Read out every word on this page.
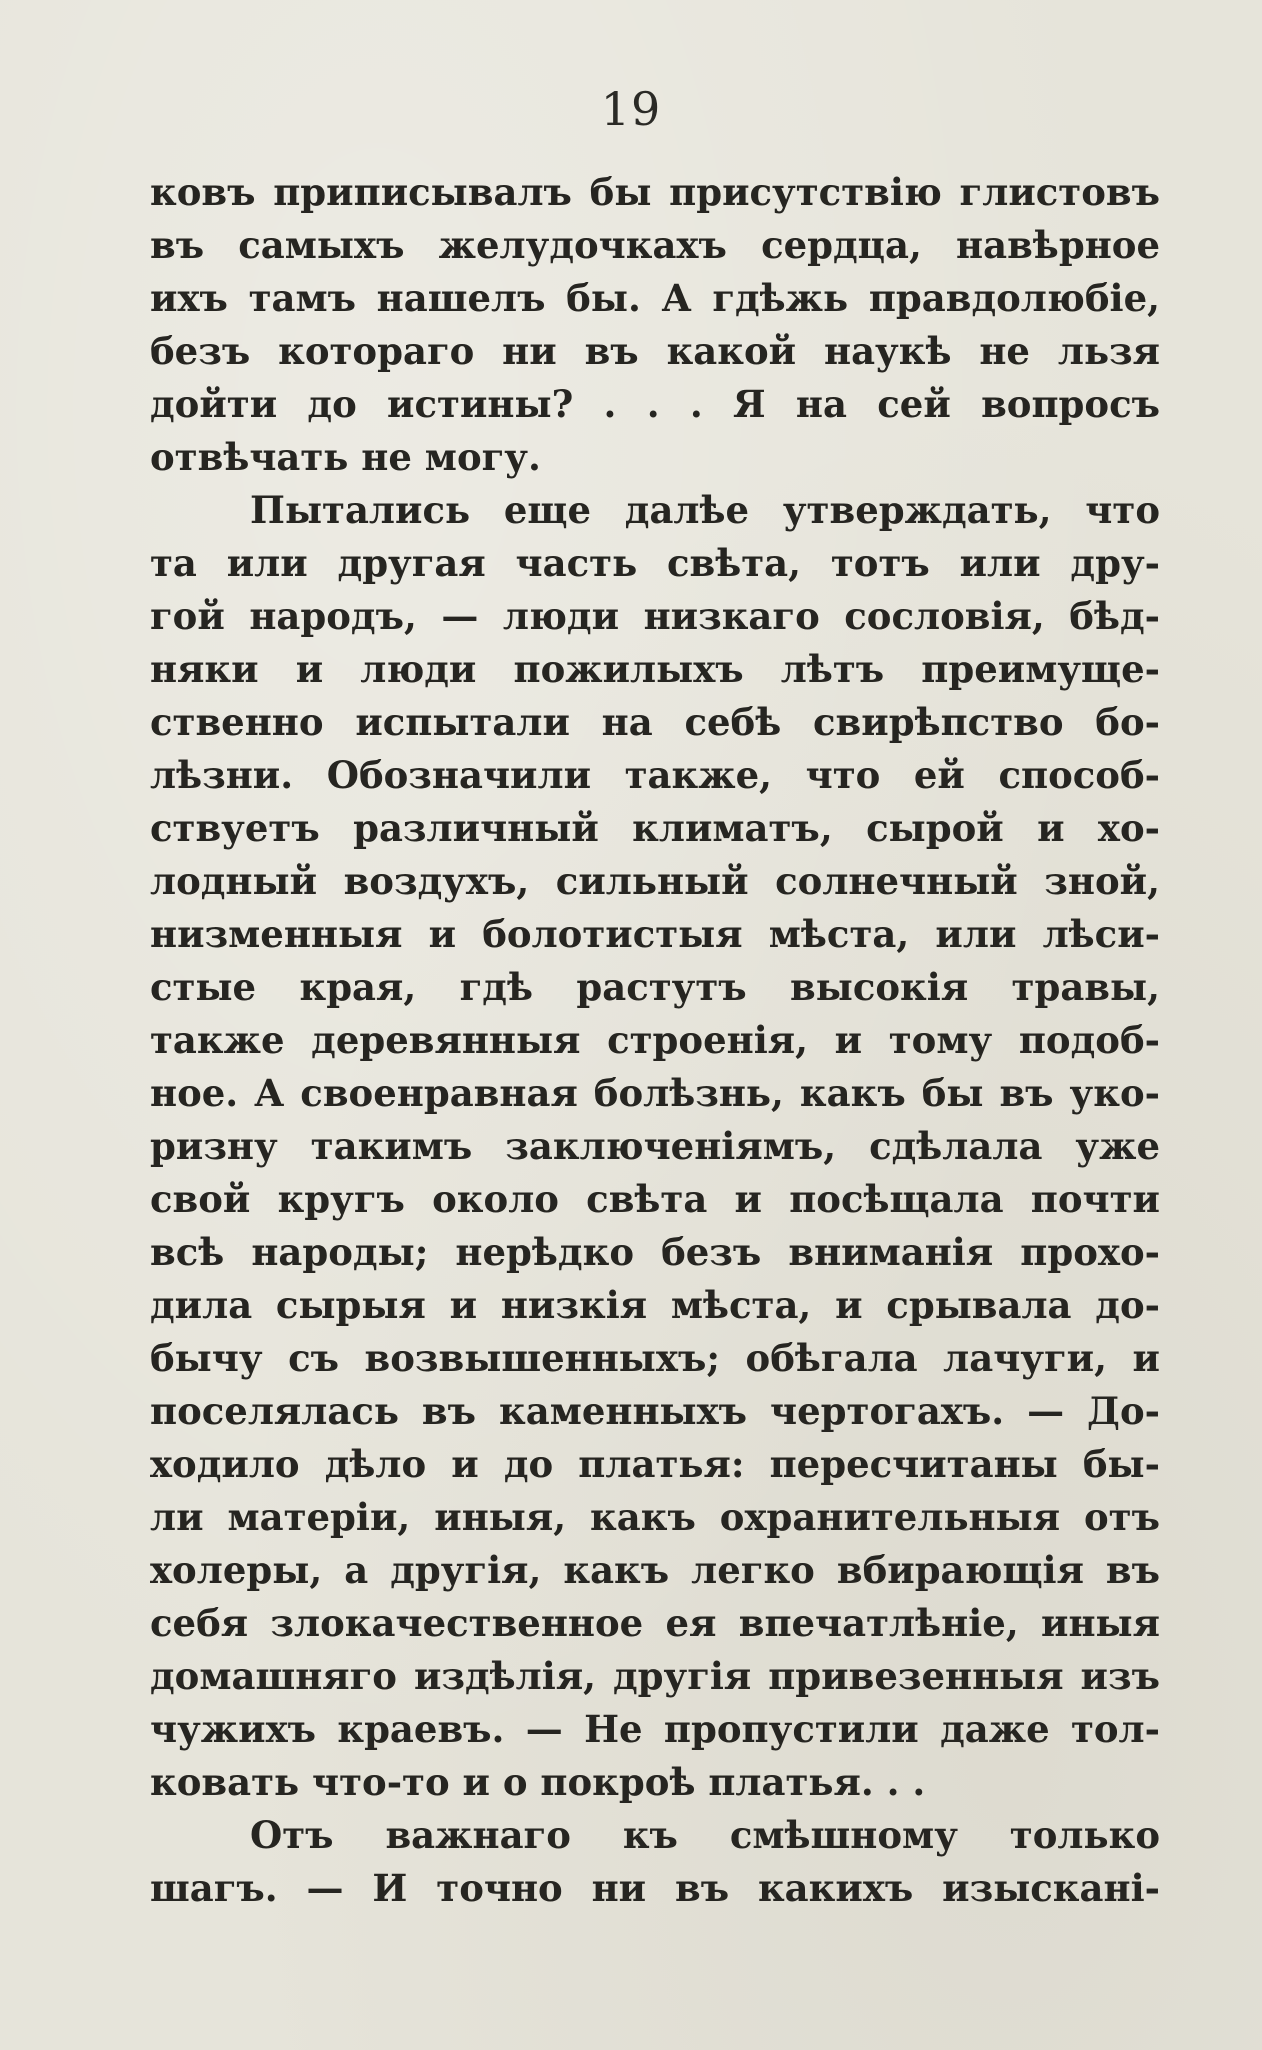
19
ковъ приписывалъ бы присутствію глистовъ
въ самыхъ желудочкахъ сердца, навѣрное
ихъ тамъ нашелъ бы. А гдѣжь правдолюбіе,
безъ котораго ни въ какой наукѣ не льзя
дойти до истины? . . . Я на сей вопросъ
отвѣчать не могу.
Пытались еще далѣе утверждать, что
та или другая часть свѣта, тотъ или дру-
гой народъ, — люди низкаго сословія, бѣд-
няки и люди пожилыхъ лѣтъ преимуще-
ственно испытали на себѣ свирѣпство бо-
лѣзни. Обозначили также, что ей способ-
ствуетъ различный климатъ, сырой и хо-
лодный воздухъ, сильный солнечный зной,
низменныя и болотистыя мѣста, или лѣси-
стые края, гдѣ растутъ высокія травы,
также деревянныя строенія, и тому подоб-
ное. А своенравная болѣзнь, какъ бы въ уко-
ризну такимъ заключеніямъ, сдѣлала уже
свой кругъ около свѣта и посѣщала почти
всѣ народы; нерѣдко безъ вниманія прохо-
дила сырыя и низкія мѣста, и срывала до-
бычу съ возвышенныхъ; обѣгала лачуги, и
поселялась въ каменныхъ чертогахъ. — До-
ходило дѣло и до платья: пересчитаны бы-
ли матеріи, иныя, какъ охранительныя отъ
холеры, а другія, какъ легко вбирающія въ
себя злокачественное ея впечатлѣніе, иныя
домашняго издѣлія, другія привезенныя изъ
чужихъ краевъ. — Не пропустили даже тол-
ковать что-то и о покроѣ платья. . .
Отъ важнаго къ смѣшному только
шагъ. — И точно ни въ какихъ изыскані-
